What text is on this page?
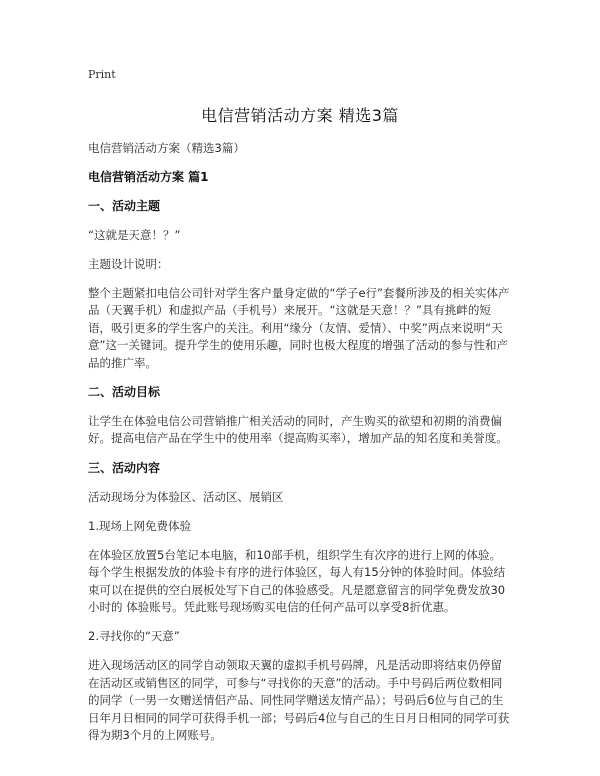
Print
电信营销活动方案 精选3篇

电信营销活动方案（精选3篇）

电信营销活动方案 篇1

一、活动主题

“这就是天意！？”

主题设计说明：

整个主题紧扣电信公司针对学生客户量身定做的“学子e行”套餐所涉及的相关实体产品（天翼手机）和虚拟产品（手机号）来展开。“这就是天意！？”具有挑衅的短语，吸引更多的学生客户的关注。利用“缘分（友情、爱情）、中奖”两点来说明“天意”这一关键词。提升学生的使用乐趣，同时也极大程度的增强了活动的参与性和产品的推广率。

二、活动目标

让学生在体验电信公司营销推广相关活动的同时，产生购买的欲望和初期的消费偏好。提高电信产品在学生中的使用率（提高购买率），增加产品的知名度和美誉度。

三、活动内容

活动现场分为体验区、活动区、展销区

1.现场上网免费体验

在体验区放置5台笔记本电脑，和10部手机，组织学生有次序的进行上网的体验。每个学生根据发放的体验卡有序的进行体验区，每人有15分钟的体验时间。体验结束可以在提供的空白展板处写下自己的体验感受。凡是愿意留言的同学免费发放30小时的 体验账号。凭此账号现场购买电信的任何产品可以享受8折优惠。

2.寻找你的“天意”

进入现场活动区的同学自动领取天翼的虚拟手机号码牌，凡是活动即将结束仍停留在活动区或销售区的同学，可参与“寻找你的天意”的活动。手中号码后两位数相同的同学（一男一女赠送情侣产品、同性同学赠送友情产品）；号码后6位与自己的生日年月日相同的同学可获得手机一部；号码后4位与自己的生日月日相同的同学可获得为期3个月的上网账号。
